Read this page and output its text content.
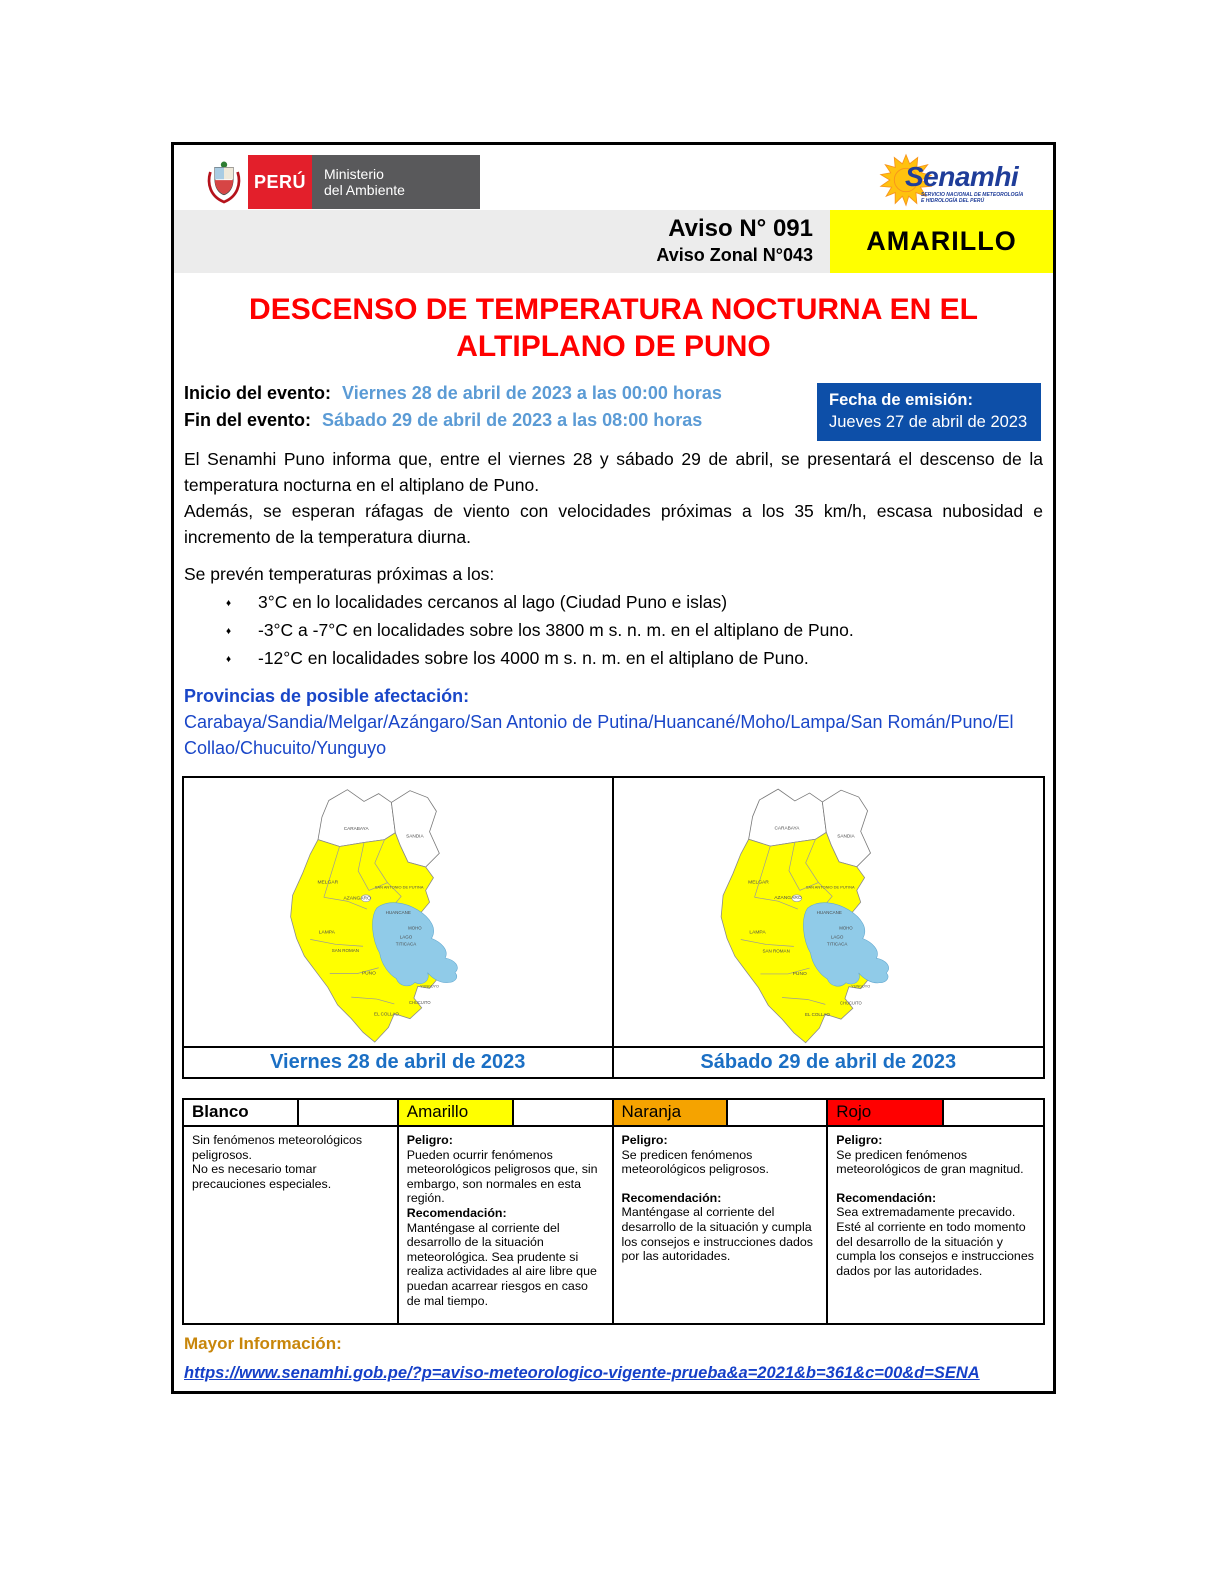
PERÚ	Ministerio
del Ambiente	Senamhi
SERVICIO NACIONAL DE METEOROLOGÍA
E HIDROLOGÍA DEL PERÚ
Aviso N° 091
Aviso Zonal N°043	AMARILLO
DESCENSO DE TEMPERATURA NOCTURNA EN EL ALTIPLANO DE PUNO
Inicio del evento: Viernes 28 de abril de 2023 a las 00:00 horas
Fin del evento: Sábado 29 de abril de 2023 a las 08:00 horas
Fecha de emisión:
Jueves 27 de abril de 2023

El Senamhi Puno informa que, entre el viernes 28 y sábado 29 de abril, se presentará el descenso de la temperatura nocturna en el altiplano de Puno.

Además, se esperan ráfagas de viento con velocidades próximas a los 35 km/h, escasa nubosidad e incremento de la temperatura diurna.

Se prevén temperaturas próximas a los:

♦ 3°C en lo localidades cercanos al lago (Ciudad Puno e islas)
♦ -3°C a -7°C en localidades sobre los 3800 m s. n. m. en el altiplano de Puno.
♦ -12°C en localidades sobre los 4000 m s. n. m. en el altiplano de Puno.
Provincias de posible afectación:
Carabaya/Sandia/Melgar/Azángaro/San Antonio de Putina/Huancané/Moho/Lampa/San Román/Puno/El Collao/Chucuito/Yunguyo
CARABAYA
SANDIA
MELGAR
AZANGARO
SAN ANTONIO DE PUTINA
HUANCANE
MOHO
LAMPA
SAN ROMAN
LAGO
TITICACA
PUNO
YUNGUYO
CHUCUITO
EL COLLAO
CARABAYA
SANDIA
MELGAR
AZANGARO
SAN ANTONIO DE PUTINA
HUANCANE
MOHO
LAMPA
SAN ROMAN
LAGO
TITICACA
PUNO
YUNGUYO
CHUCUITO
EL COLLAO
Viernes 28 de abril de 2023	Sábado 29 de abril de 2023
Blanco
Sin fenómenos meteorológicos peligrosos.
No es necesario tomar precauciones especiales.
Amarillo
Peligro:
Pueden ocurrir fenómenos meteorológicos peligrosos que, sin embargo, son normales en esta región.
Recomendación:
Manténgase al corriente del desarrollo de la situación meteorológica. Sea prudente si realiza actividades al aire libre que puedan acarrear riesgos en caso de mal tiempo.
Naranja
Peligro:
Se predicen fenómenos meteorológicos peligrosos.
Recomendación:
Manténgase al corriente del desarrollo de la situación y cumpla los consejos e instrucciones dados por las autoridades.
Rojo
Peligro:
Se predicen fenómenos meteorológicos de gran magnitud.
Recomendación:
Sea extremadamente precavido. Esté al corriente en todo momento del desarrollo de la situación y cumpla los consejos e instrucciones dados por las autoridades.
Mayor Información:
https://www.senamhi.gob.pe/?p=aviso-meteorologico-vigente-prueba&a=2021&b=361&c=00&d=SENA
